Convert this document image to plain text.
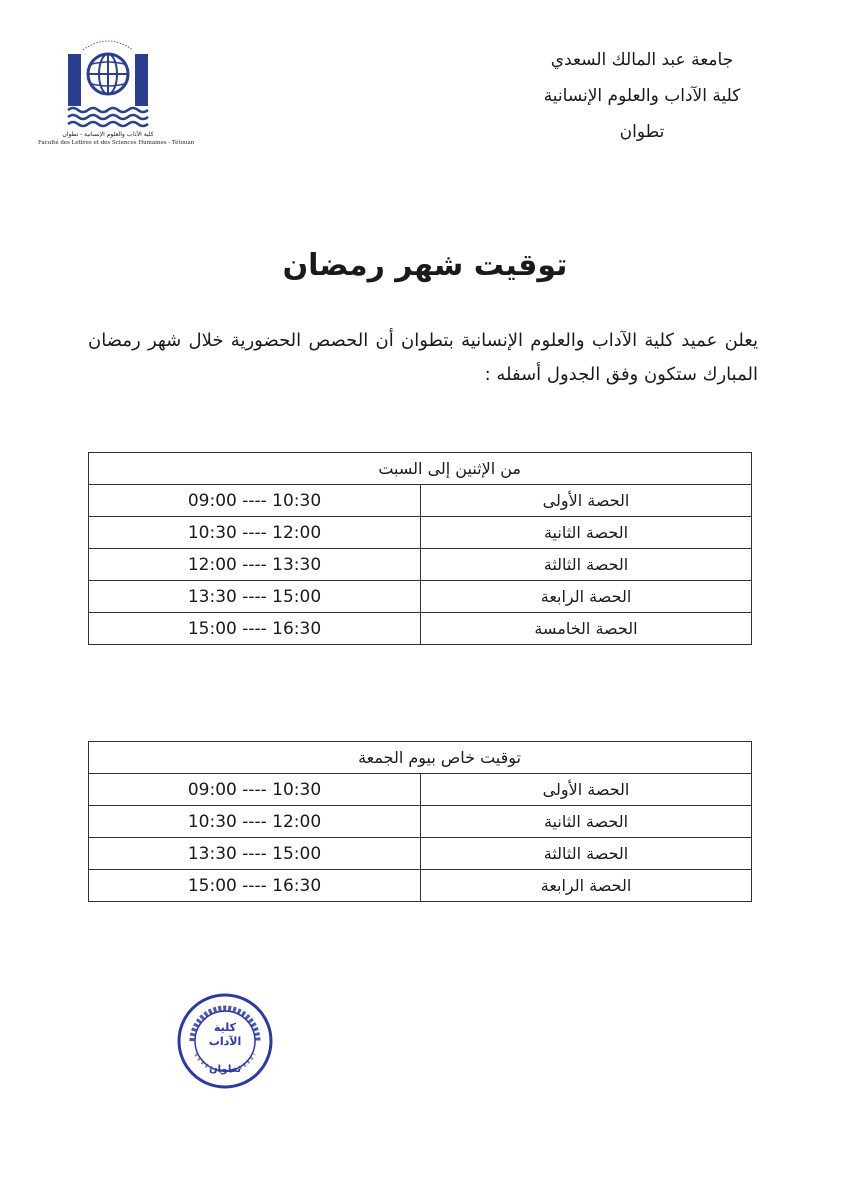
كلية الآداب والعلوم الإنسانية - تطوان
Faculté des Lettres et des Sciences Humaines - Tétouan
جامعة عبد المالك السعدي
كلية الآداب والعلوم الإنسانية
تطوان
توقيت شهر رمضان
يعلن عميد كلية الآداب والعلوم الإنسانية بتطوان أن الحصص الحضورية خلال شهر رمضان المبارك ستكون وفق الجدول أسفله :
من الإثنين إلى السبت	
الحصة الأولى	09:00 ---- 10:30
الحصة الثانية	10:30 ---- 12:00
الحصة الثالثة	12:00 ---- 13:30
الحصة الرابعة	13:30 ---- 15:00
الحصة الخامسة	15:00 ---- 16:30
توقيت خاص بيوم الجمعة	
الحصة الأولى	09:00 ---- 10:30
الحصة الثانية	10:30 ---- 12:00
الحصة الثالثة	13:30 ---- 15:00
الحصة الرابعة	15:00 ---- 16:30
كلية
الآداب
تطوان
